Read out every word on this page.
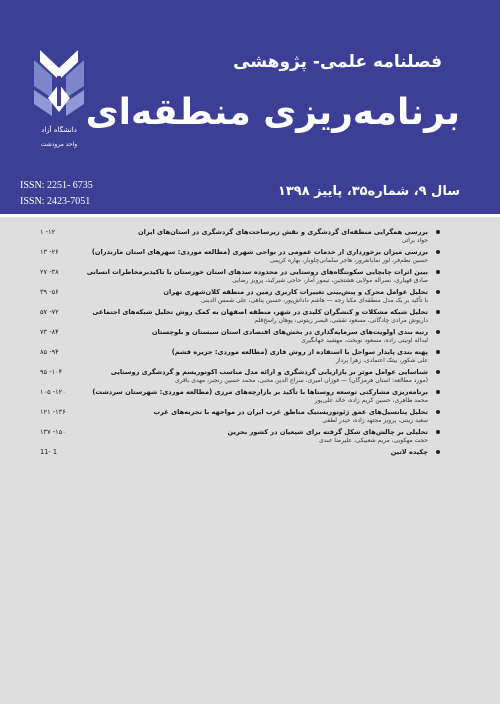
دانشگاه آزاد
واحد مرودشت
فصلنامه علمی- پژوهشی
برنامه‌ریزی منطقه‌ای
ISSN: 2251- 6735
ISSN: 2423-7051
سال ۹، شماره۳۵، پاییز ۱۳۹۸
بررسی همگرایی منطقه‌ای گردشگری و نقش زیرساخت‌های گردشگری در استان‌های ایران
جواد براتی
۱۲- ۱
بررسی میزان برخورداری از خدمات عمومی در نواحی شهری (مطالعه موردی: سهرهای استان مازندران)
حسین نظم‌فر، لور نمایانفرور، هاجر سلمانی‌چلوبار، بهاره کریمی
۲۶- ۱۳
بیین اثرات چابچایی سکونتگاه‌های روستایی در محدوده سدهای استان خوزستان با تاکیدبرمخاطرات انسانی
صادق قهیاری، نصراله مولایی هشتجین، تیمور آمار، حاجی شیرکیذ، پرویز رضایی
۳۸- ۲۷
تحلیل عوامل محرک و پیش‌بینی تغییرات کاربری زمین در منطقه کلان‌شهری تهران
با تأکید بر یک مدل منطقه‌ای مکبا رجه — هاشم داداش‌پور، حسین پناهی، علی شمس الدینی
۵۶- ۳۹
تحلیل شبکه مشکلات و کنشگران کلیدی در شهر، منطقه اصفهان به کمک روش تحلیل شبکه‌های اجتماعی
داریوش مرادی چادگانی، مسعود تقشی، قیصر زیتونی، پوهان راسخ‌قلم
۷۲- ۵۷
رتبه بندی اولویت‌های سرمایه‌گذاری در بخش‌های اقتصادی استان سیستان و بلوچستان
لبداله اونیتی زاده، مسعود نوبخت، مهشید جهانگیری
۸۴- ۷۳
پهنه بندی پایدار سواحل با استفاده از روش فازی (مطالعه موردی: جزیره قشم)
علی شکور، بیتک اعتمادی، زهرا پرداز
۹۴- ۸۵
شناسایی عوامل موثر بر بازاریابی گردشگری و ارائه مدل مناسب اکوتوریسم و گردشگری روستایی
(مورد مطالعه: استان هرمزگان) — فوزان امیری، سراج الدین محبی، محمد حسین رنجبر، مهدی باقری
۱۰۴- ۹۵
برنامه‌ریزی مشارکتی توسعه روستاها با تأکید بر بازارچه‌های مرزی (مطالعه موردی: شهرستان سردشت)
محمد ظاهری، حسین کریم زاده، خالد علی‌پور
۱۲۰- ۱۰۵
تحلیل پتانسیل‌های عمق ژئوتوریستیک مناطق غرب ایران در مواجهه با تجربه‌های غرب
سعید زینتی، پرویز مجتهد زاده، حیدر لطفی
۱۳۶- ۱۲۱
تحلیلی بر چالش‌های شکل گرفته برای شیعیان در کشور بحرین
حجت مهکویی، مریم شعبیکی، علیرضا عبدی
۱۵۰- ۱۳۷
چکیده لاتین
1 -11
